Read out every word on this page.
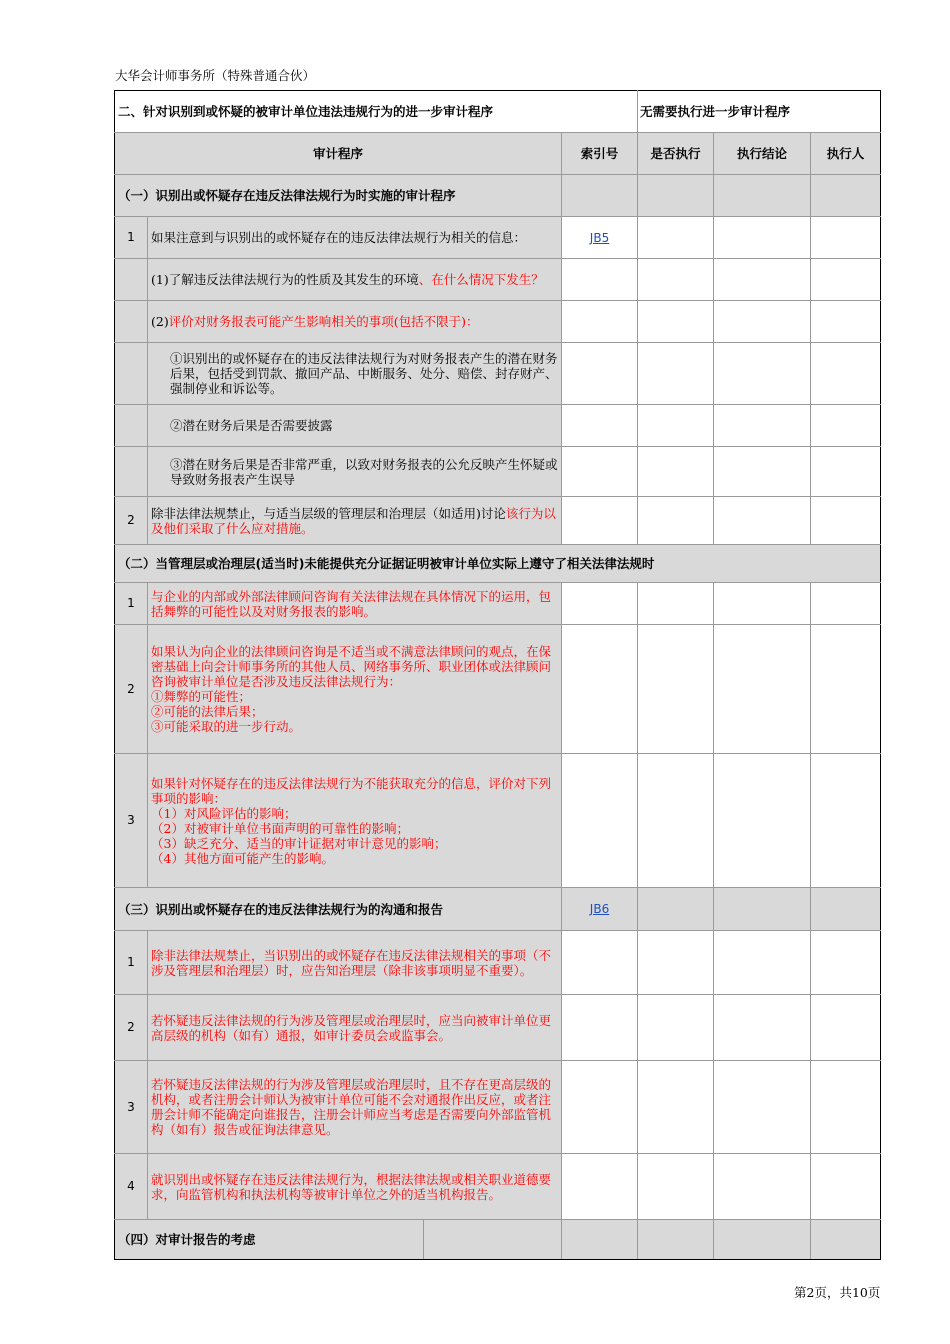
大华会计师事务所（特殊普通合伙）
二、针对识别到或怀疑的被审计单位违法违规行为的进一步审计程序				无需要执行进一步审计程序		
审计程序			索引号	是否执行	执行结论	执行人
（一）识别出或怀疑存在违反法律法规行为时实施的审计程序						
1	如果注意到与识别出的或怀疑存在的违反法律法规行为相关的信息：		JB5			
	(1)了解违反法律法规行为的性质及其发生的环境、在什么情况下发生？					
	(2)评价对财务报表可能产生影响相关的事项(包括不限于)：					
	①识别出的或怀疑存在的违反法律法规行为对财务报表产生的潜在财务后果，包括受到罚款、撤回产品、中断服务、处分、赔偿、封存财产、强制停业和诉讼等。					
	②潜在财务后果是否需要披露					
	③潜在财务后果是否非常严重，以致对财务报表的公允反映产生怀疑或导致财务报表产生误导					
2	除非法律法规禁止，与适当层级的管理层和治理层（如适用)讨论该行为以及他们采取了什么应对措施。					
（二）当管理层或治理层(适当时)未能提供充分证据证明被审计单位实际上遵守了相关法律法规时						
1	与企业的内部或外部法律顾问咨询有关法律法规在具体情况下的运用，包括舞弊的可能性以及对财务报表的影响。					
2	如果认为向企业的法律顾问咨询是不适当或不满意法律顾问的观点，在保密基础上向会计师事务所的其他人员、网络事务所、职业团体或法律顾问咨询被审计单位是否涉及违反法律法规行为：
①舞弊的可能性；
②可能的法律后果；
③可能采取的进一步行动。					

3	如果针对怀疑存在的违反法律法规行为不能获取充分的信息，评价对下列事项的影响：
（1）对风险评估的影响；
（2）对被审计单位书面声明的可靠性的影响；
（3）缺乏充分、适当的审计证据对审计意见的影响；
（4）其他方面可能产生的影响。					

（三）识别出或怀疑存在的违反法律法规行为的沟通和报告			JB6			
1	除非法律法规禁止，当识别出的或怀疑存在违反法律法规相关的事项（不涉及管理层和治理层）时，应告知治理层（除非该事项明显不重要）。					
2	若怀疑违反法律法规的行为涉及管理层或治理层时，应当向被审计单位更高层级的机构（如有）通报，如审计委员会或监事会。					
3	若怀疑违反法律法规的行为涉及管理层或治理层时，且不存在更高层级的机构，或者注册会计师认为被审计单位可能不会对通报作出反应，或者注册会计师不能确定向谁报告，注册会计师应当考虑是否需要向外部监管机构（如有）报告或征询法律意见。					
4	就识别出或怀疑存在违反法律法规行为，根据法律法规或相关职业道德要求，向监管机构和执法机构等被审计单位之外的适当机构报告。					
（四）对审计报告的考虑						
第2页，共10页
